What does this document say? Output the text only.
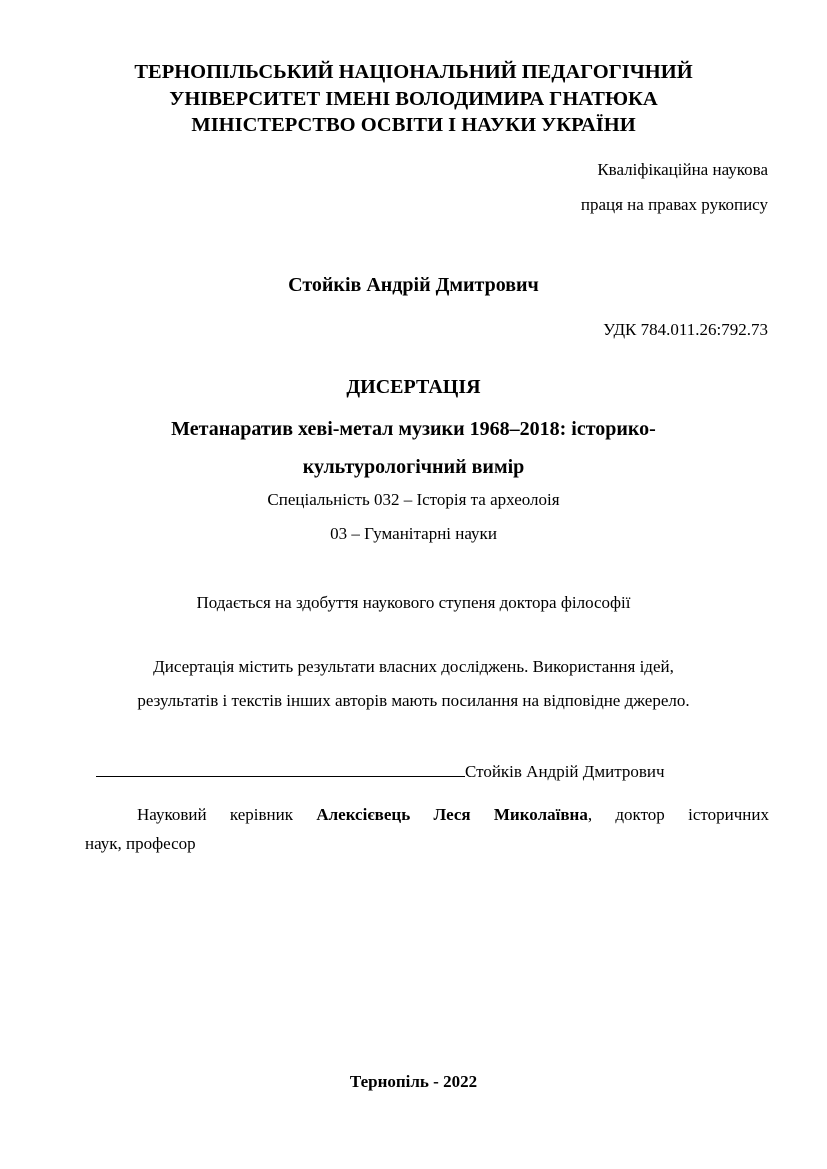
ТЕРНОПІЛЬСЬКИЙ НАЦІОНАЛЬНИЙ ПЕДАГОГІЧНИЙ
УНІВЕРСИТЕТ ІМЕНІ ВОЛОДИМИРА ГНАТЮКА
МІНІСТЕРСТВО ОСВІТИ І НАУКИ УКРАЇНИ
Кваліфікаційна наукова
праця на правах рукопису
Стойків Андрій Дмитрович
УДК 784.011.26:792.73
ДИСЕРТАЦІЯ
Метанаратив хеві-метал музики 1968–2018: історико-
культурологічний вимір
Спеціальність 032 – Історія та археолоія
03 – Гуманітарні науки
Подається на здобуття наукового ступеня доктора філософії
Дисертація містить результати власних досліджень. Використання ідей,
результатів і текстів інших авторів мають посилання на відповідне джерело.
Стойків Андрій Дмитрович
Науковий керівник Алексієвець Леся Миколаївна, доктор історичних
наук, професор
Тернопіль - 2022
